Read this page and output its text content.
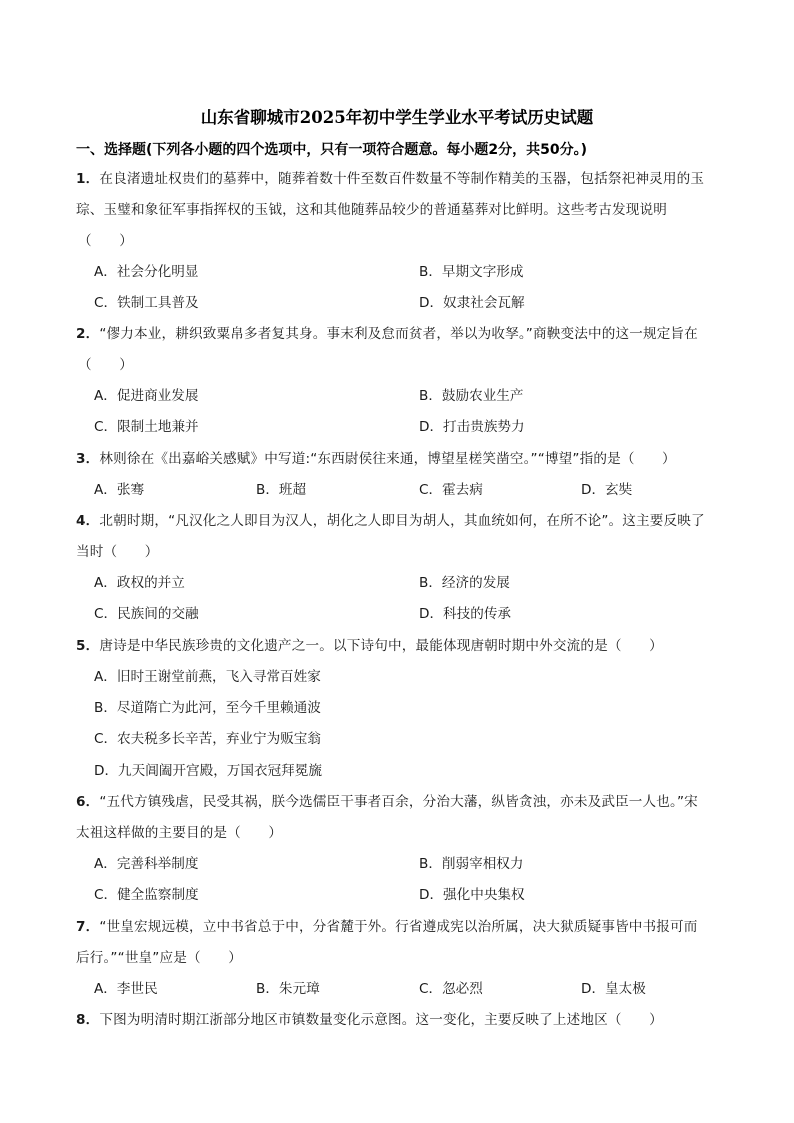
山东省聊城市2025年初中学生学业水平考试历史试题
一、选择题(下列各小题的四个选项中，只有一项符合题意。每小题2分，共50分。)
1．在良渚遗址权贵们的墓葬中，随葬着数十件至数百件数量不等制作精美的玉器，包括祭祀神灵用的玉
琮、玉璧和象征军事指挥权的玉钺，这和其他随葬品较少的普通墓葬对比鲜明。这些考古发现说明
（　　）
A．社会分化明显	B．早期文字形成
C．铁制工具普及	D．奴隶社会瓦解
2．“僇力本业，耕织致粟帛多者复其身。事末利及怠而贫者，举以为收孥。”商鞅变法中的这一规定旨在
（　　）
A．促进商业发展	B．鼓励农业生产
C．限制土地兼并	D．打击贵族势力
3．林则徐在《出嘉峪关感赋》中写道:“东西尉侯往来通，博望星槎笑凿空。”“博望”指的是（　　）
A．张骞	B．班超	C．霍去病	D．玄奘
4．北朝时期，“凡汉化之人即目为汉人，胡化之人即目为胡人，其血统如何，在所不论”。这主要反映了
当时（　　）
A．政权的并立	B．经济的发展
C．民族间的交融	D．科技的传承
5．唐诗是中华民族珍贵的文化遗产之一。以下诗句中，最能体现唐朝时期中外交流的是（　　）
A．旧时王谢堂前燕，飞入寻常百姓家
B．尽道隋亡为此河，至今千里赖通波
C．农夫税多长辛苦，弃业宁为贩宝翁
D．九天阊阖开宫殿，万国衣冠拜冕旒
6．“五代方镇残虐，民受其祸，朕今选儒臣干事者百余，分治大藩，纵皆贪浊，亦未及武臣一人也。”宋
太祖这样做的主要目的是（　　）
A．完善科举制度	B．削弱宰相权力
C．健全监察制度	D．强化中央集权
7．“世皇宏规远模，立中书省总于中，分省麓于外。行省遵成宪以治所属，决大狱质疑事皆中书报可而
后行。”“世皇”应是（　　）
A．李世民	B．朱元璋	C．忽必烈	D．皇太极
8．下图为明清时期江浙部分地区市镇数量变化示意图。这一变化，主要反映了上述地区（　　）
